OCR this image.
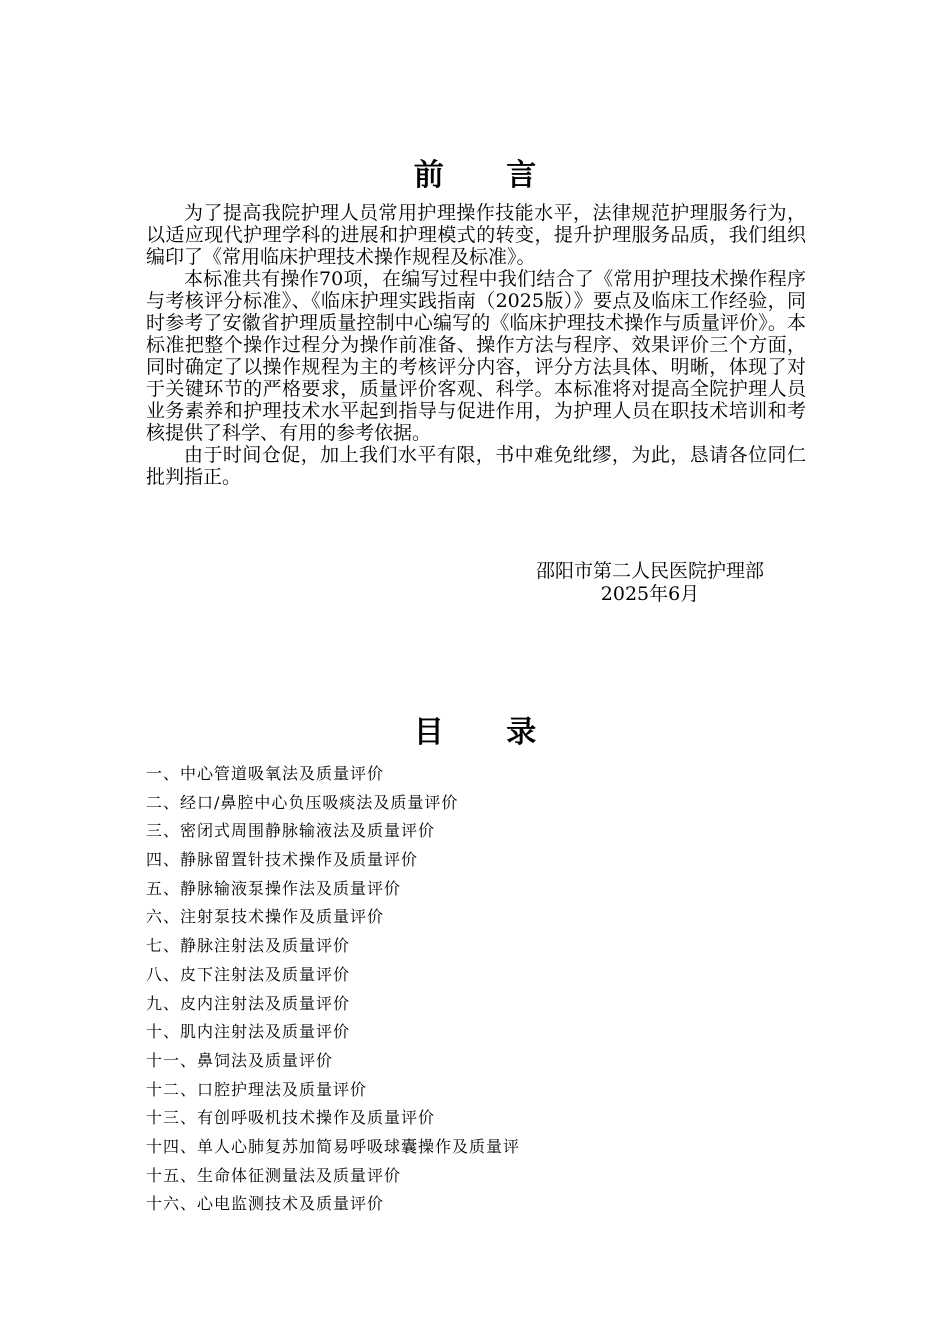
前 言

为了提高我院护理人员常用护理操作技能水平，法律规范护理服务行为，以适应现代护理学科的进展和护理模式的转变，提升护理服务品质，我们组织编印了《常用临床护理技术操作规程及标准》。

本标准共有操作70项，在编写过程中我们结合了《常用护理技术操作程序与考核评分标准》、《临床护理实践指南（2025版）》要点及临床工作经验，同时参考了安徽省护理质量控制中心编写的《临床护理技术操作与质量评价》。本标准把整个操作过程分为操作前准备、操作方法与程序、效果评价三个方面，同时确定了以操作规程为主的考核评分内容，评分方法具体、明晰，体现了对于关键环节的严格要求，质量评价客观、科学。本标准将对提高全院护理人员业务素养和护理技术水平起到指导与促进作用，为护理人员在职技术培训和考核提供了科学、有用的参考依据。

由于时间仓促，加上我们水平有限，书中难免纰缪，为此，恳请各位同仁批判指正。

邵阳市第二人民医院护理部
2025年6月
目 录
一、中心管道吸氧法及质量评价
二、经口/鼻腔中心负压吸痰法及质量评价
三、密闭式周围静脉输液法及质量评价
四、静脉留置针技术操作及质量评价
五、静脉输液泵操作法及质量评价
六、注射泵技术操作及质量评价
七、静脉注射法及质量评价
八、皮下注射法及质量评价
九、皮内注射法及质量评价
十、肌内注射法及质量评价
十一、鼻饲法及质量评价
十二、口腔护理法及质量评价
十三、有创呼吸机技术操作及质量评价
十四、单人心肺复苏加简易呼吸球囊操作及质量评
十五、生命体征测量法及质量评价
十六、心电监测技术及质量评价
